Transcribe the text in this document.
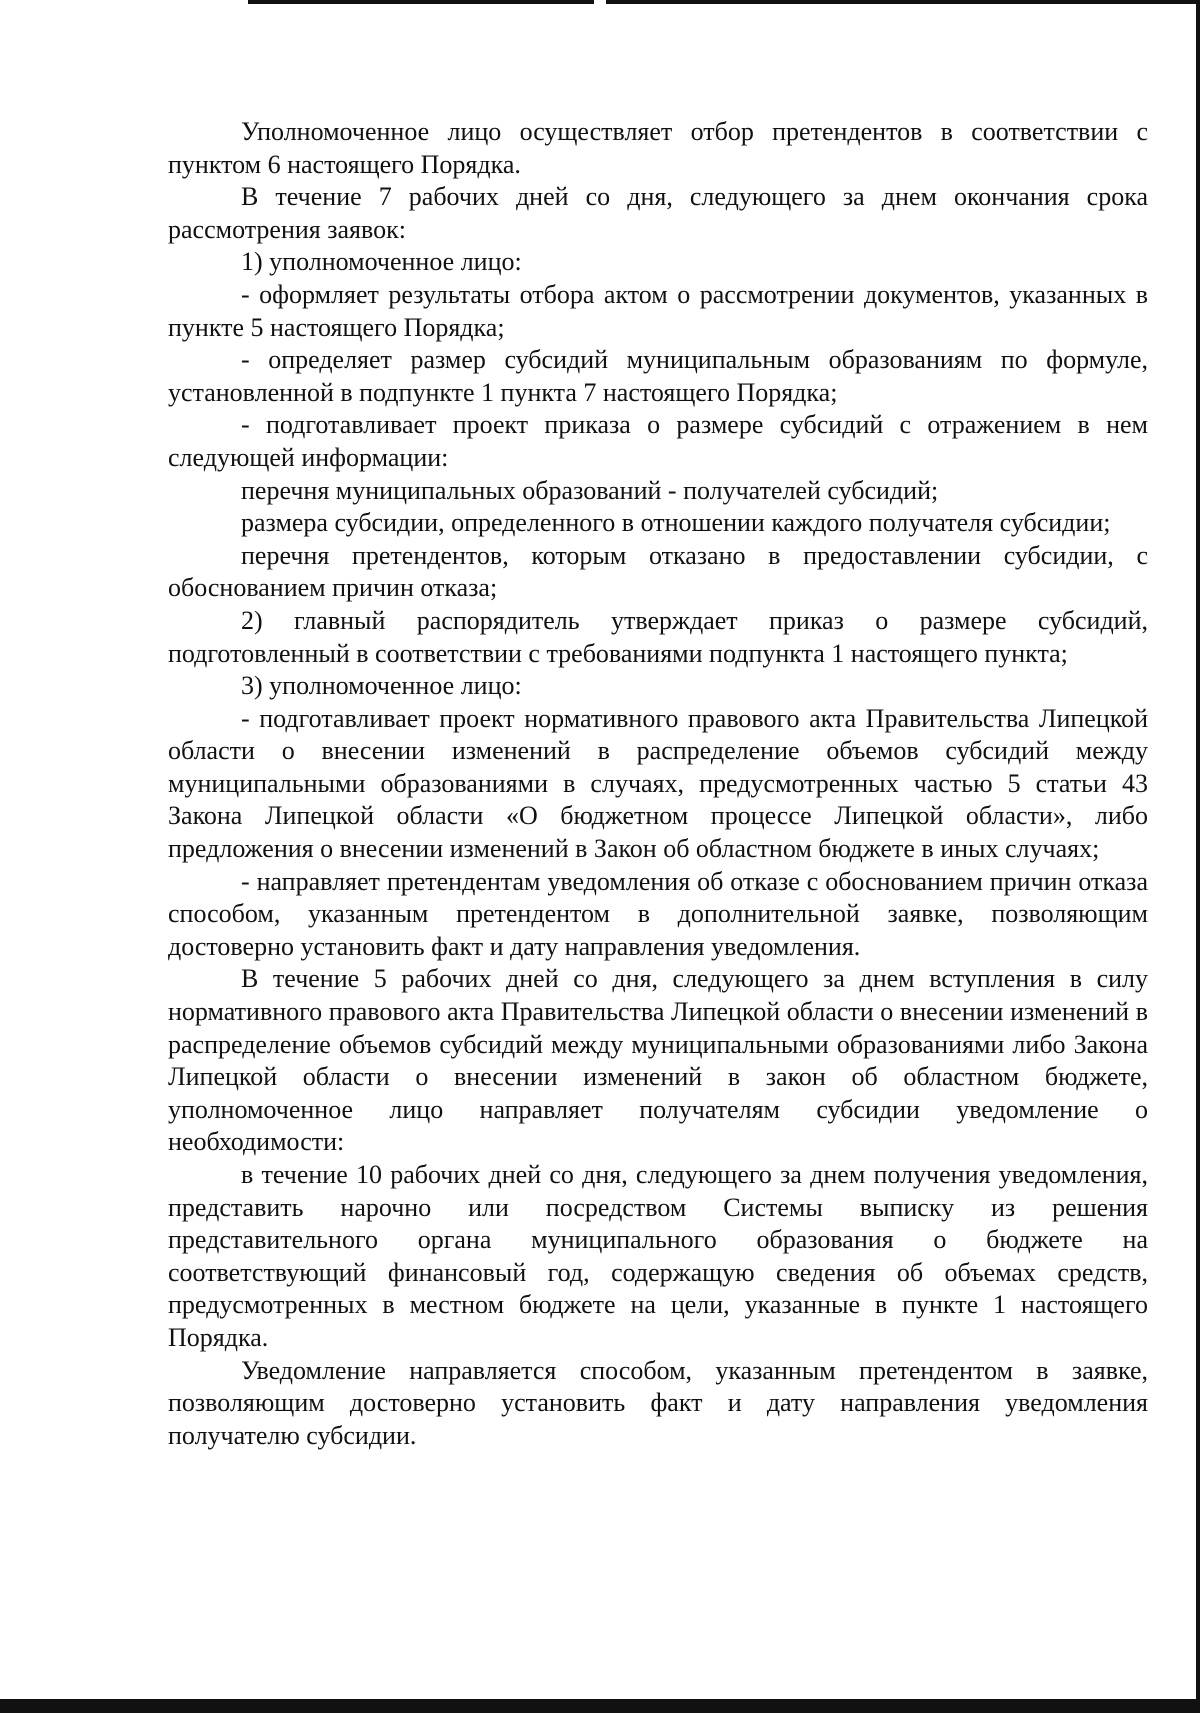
Уполномоченное лицо осуществляет отбор претендентов в соответствии с пунктом 6 настоящего Порядка.

В течение 7 рабочих дней со дня, следующего за днем окончания срока рассмотрения заявок:

1) уполномоченное лицо:

- оформляет результаты отбора актом о рассмотрении документов, указанных в пункте 5 настоящего Порядка;

- определяет размер субсидий муниципальным образованиям по формуле, установленной в подпункте 1 пункта 7 настоящего Порядка;

- подготавливает проект приказа о размере субсидий с отражением в нем следующей информации:

перечня муниципальных образований - получателей субсидий;

размера субсидии, определенного в отношении каждого получателя субсидии;

перечня претендентов, которым отказано в предоставлении субсидии, с обоснованием причин отказа;

2) главный распорядитель утверждает приказ о размере субсидий, подготовленный в соответствии с требованиями подпункта 1 настоящего пункта;

3) уполномоченное лицо:

- подготавливает проект нормативного правового акта Правительства Липецкой области о внесении изменений в распределение объемов субсидий между муниципальными образованиями в случаях, предусмотренных частью 5 статьи 43 Закона Липецкой области «О бюджетном процессе Липецкой области», либо предложения о внесении изменений в Закон об областном бюджете в иных случаях;

- направляет претендентам уведомления об отказе с обоснованием причин отказа способом, указанным претендентом в дополнительной заявке, позволяющим достоверно установить факт и дату направления уведомления.

В течение 5 рабочих дней со дня, следующего за днем вступления в силу нормативного правового акта Правительства Липецкой области о внесении изменений в распределение объемов субсидий между муниципальными образованиями либо Закона Липецкой области о внесении изменений в закон об областном бюджете, уполномоченное лицо направляет получателям субсидии уведомление о необходимости:

в течение 10 рабочих дней со дня, следующего за днем получения уведомления, представить нарочно или посредством Системы выписку из решения представительного органа муниципального образования о бюджете на соответствующий финансовый год, содержащую сведения об объемах средств, предусмотренных в местном бюджете на цели, указанные в пункте 1 настоящего Порядка.

Уведомление направляется способом, указанным претендентом в заявке, позволяющим достоверно установить факт и дату направления уведомления получателю субсидии.
